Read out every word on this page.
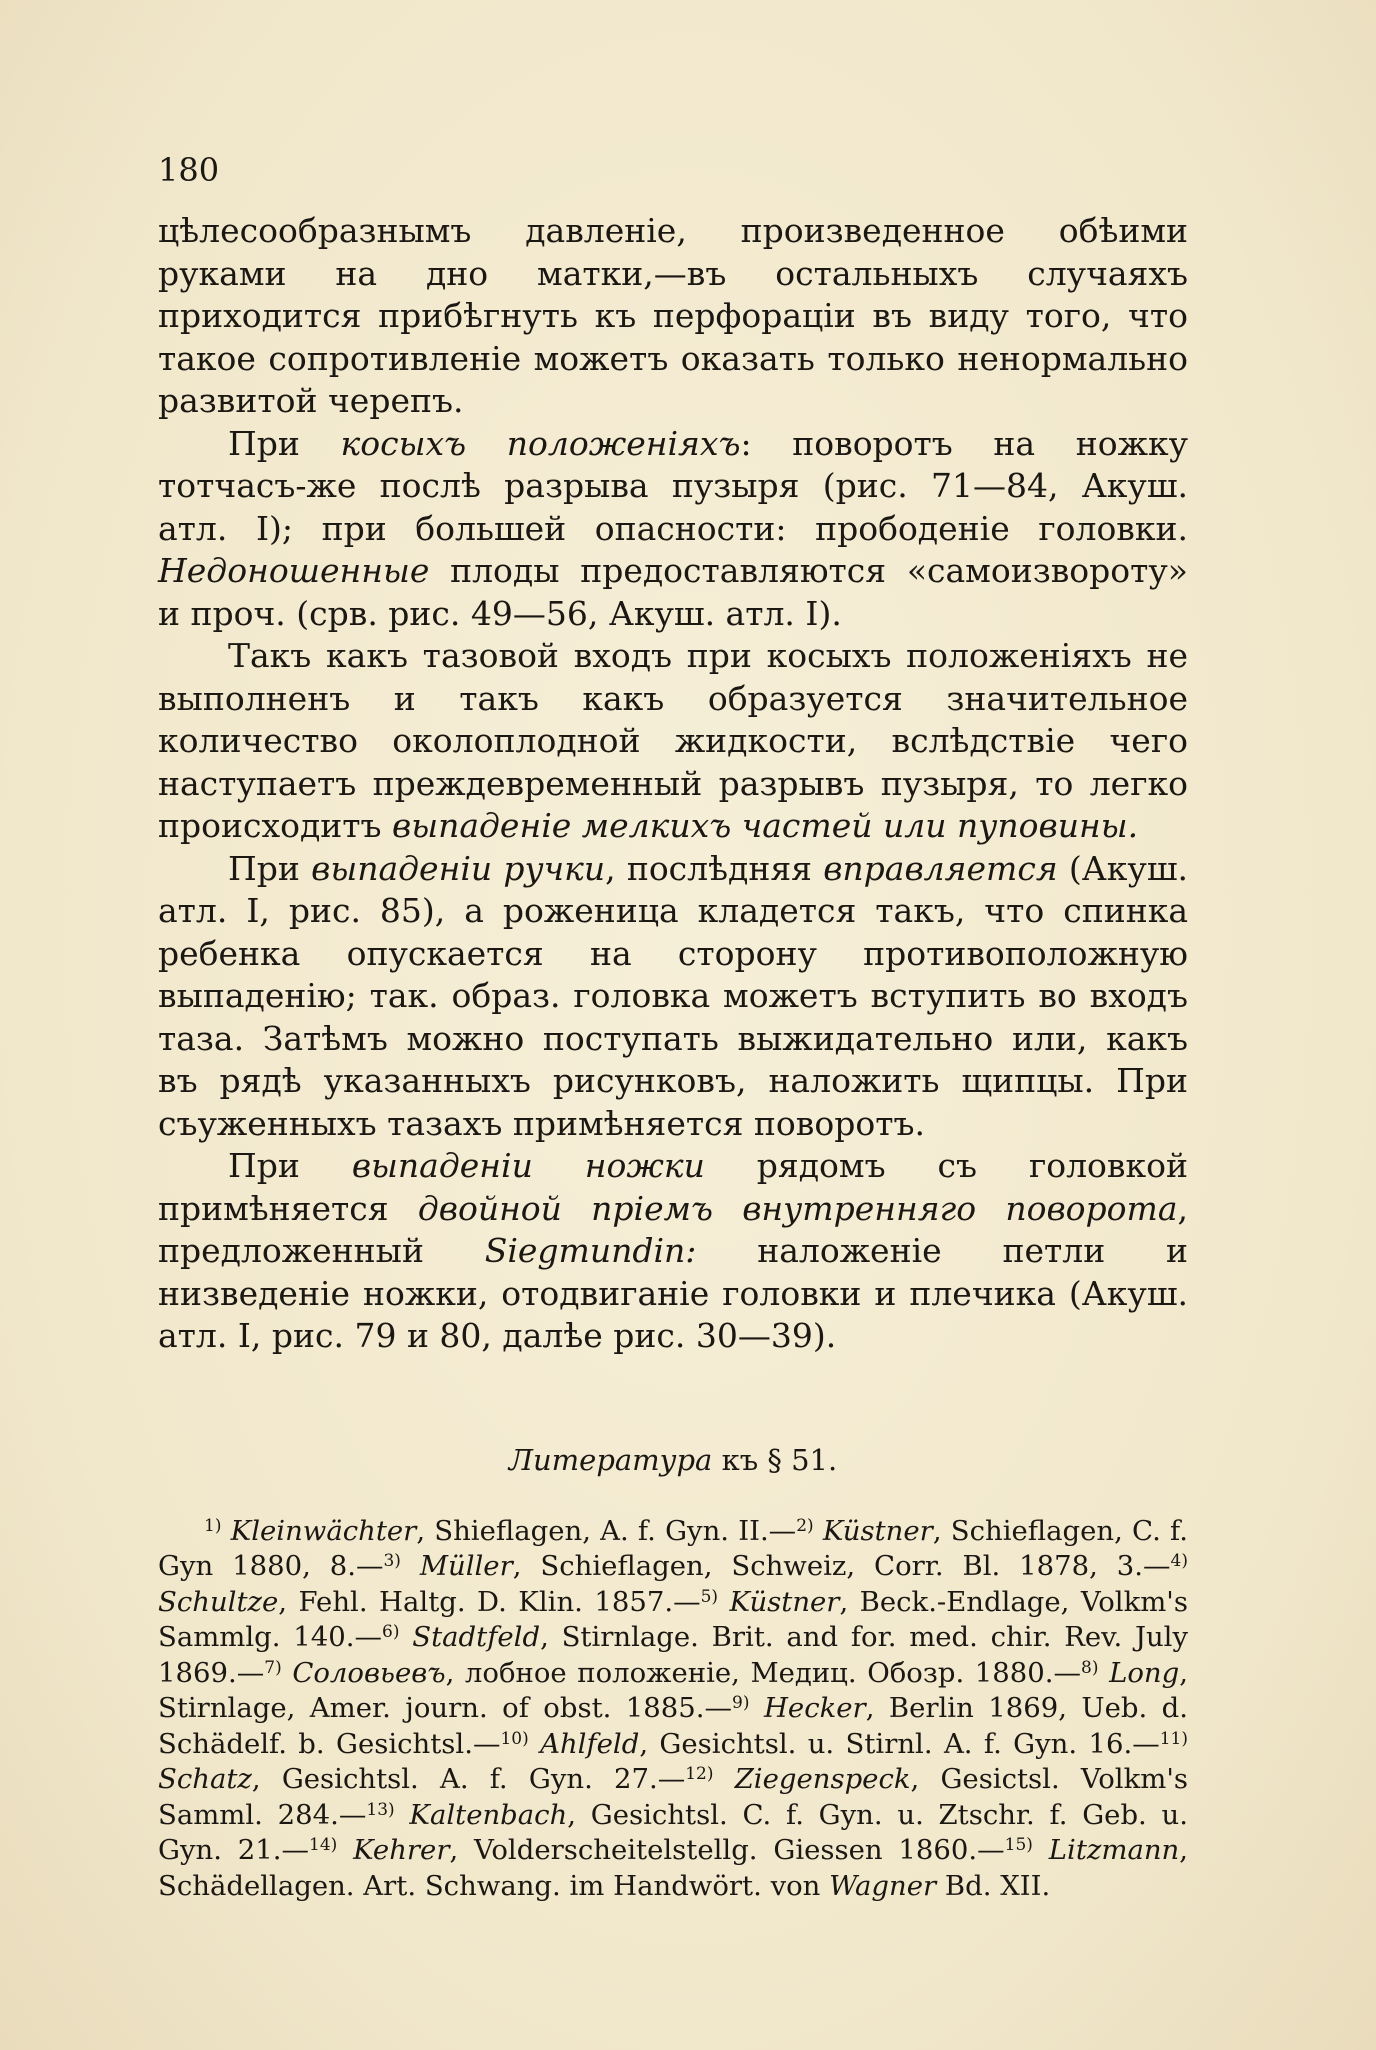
180

цѣлесообразнымъ давленіе, произведенное обѣими руками на дно матки,—въ остальныхъ случаяхъ приходится прибѣгнуть къ перфораціи въ виду того, что такое сопротивленіе можетъ оказать только ненормально развитой черепъ.

При косыхъ положеніяхъ: поворотъ на ножку тотчасъ-же послѣ разрыва пузыря (рис. 71—84, Акуш. атл. I); при большей опасности: прободеніе головки. Недоношенные плоды предоставляются «самоизвороту» и проч. (срв. рис. 49—56, Акуш. атл. I).

Такъ какъ тазовой входъ при косыхъ положеніяхъ не выполненъ и такъ какъ образуется значительное количество околоплодной жидкости, вслѣдствіе чего наступаетъ преждевременный разрывъ пузыря, то легко происходитъ выпаденіе мелкихъ частей или пуповины.

При выпаденіи ручки, послѣдняя вправляется (Акуш. атл. I, рис. 85), а роженица кладется такъ, что спинка ребенка опускается на сторону противоположную выпаденію; так. образ. головка можетъ вступить во входъ таза. Затѣмъ можно поступать выжидательно или, какъ въ рядѣ указанныхъ рисунковъ, наложить щипцы. При съуженныхъ тазахъ примѣняется поворотъ.

При выпаденіи ножки рядомъ съ головкой примѣняется двойной пріемъ внутренняго поворота, предложенный Siegmundin: наложеніе петли и низведеніе ножки, отодвиганіе головки и плечика (Акуш. атл. I, рис. 79 и 80, далѣе рис. 30—39).

Литература къ § 51.

$^{1)}$ Kleinwächter, Shieflagen, A. f. Gyn. II.—$^{2)}$ Küstner, Schieflagen, C. f. Gyn 1880, 8.—$^{3)}$ Müller, Schieflagen, Schweiz, Corr. Bl. 1878, 3.—$^{4)}$ Schultze, Fehl. Haltg. D. Klin. 1857.—$^{5)}$ Küstner, Beck.-Endlage, Volkm's Sammlg. 140.—$^{6)}$ Stadtfeld, Stirnlage. Brit. and for. med. chir. Rev. July 1869.—$^{7)}$ Соловьевъ, лобное положеніе, Медиц. Обозр. 1880.—$^{8)}$ Long, Stirnlage, Amer. journ. of obst. 1885.—$^{9)}$ Hecker, Berlin 1869, Ueb. d. Schädelf. b. Gesichtsl.—$^{10)}$ Ahlfeld, Gesichtsl. u. Stirnl. A. f. Gyn. 16.—$^{11)}$ Schatz, Gesichtsl. A. f. Gyn. 27.—$^{12)}$ Ziegenspeck, Gesictsl. Volkm's Samml. 284.—$^{13)}$ Kaltenbach, Gesichtsl. C. f. Gyn. u. Ztschr. f. Geb. u. Gyn. 21.—$^{14)}$ Kehrer, Volderscheitelstellg. Giessen 1860.—$^{15)}$ Litzmann, Schädellagen. Art. Schwang. im Handwört. von Wagner Bd. XII.
